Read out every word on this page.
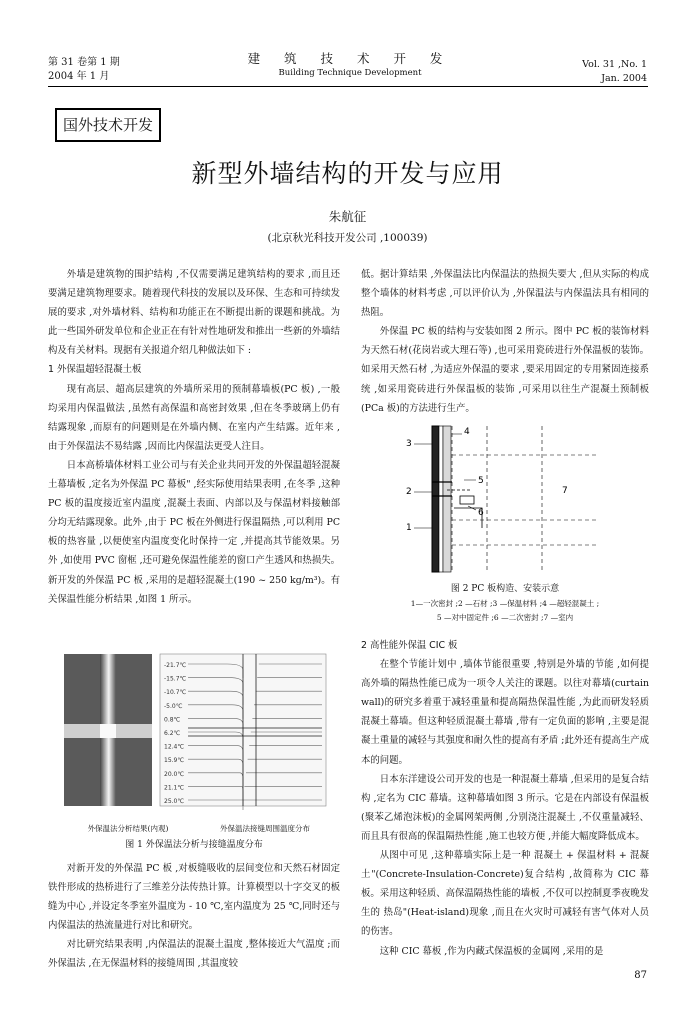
第 31 卷第 1 期
2004 年 1 月
建 筑 技 术 开 发
Building Technique Development
Vol. 31 ,No. 1
Jan. 2004
国外技术开发
新型外墙结构的开发与应用
朱航征
(北京秋光科技开发公司 ,100039)

外墙是建筑物的围护结构 ,不仅需要满足建筑结构的要求 ,而且还要满足建筑物理要求。随着现代科技的发展以及环保、生态和可持续发展的要求 ,对外墙材料、结构和功能正在不断提出新的课题和挑战。为此一些国外研发单位和企业正在有针对性地研发和推出一些新的外墙结构及有关材料。现据有关报道介绍几种做法如下 :

1 外保温超轻混凝土板

现有高层、超高层建筑的外墙所采用的预制幕墙板(PC 板) ,一般均采用内保温做法 ,虽然有高保温和高密封效果 ,但在冬季玻璃上仍有结露现象 ,而原有的问题则是在外墙内侧、在室内产生结露。近年来 ,由于外保温法不易结露 ,因而比内保温法更受人注目。

日本高桥墙体材料工业公司与有关企业共同开发的外保温超轻混凝土幕墙板 ,定名为外保温 PC 幕板" ,经实际使用结果表明 ,在冬季 ,这种 PC 板的温度接近室内温度 ,混凝土表面、内部以及与保温材料接触部分均无结露现象。此外 ,由于 PC 板在外侧进行保温隔热 ,可以利用 PC 板的热容量 ,以便使室内温度变化时保持一定 ,并提高其节能效果。另外 ,如使用 PVC 窗框 ,还可避免保温性能差的窗口产生透风和热损失。新开发的外保温 PC 板 ,采用的是超轻混凝土(190 ~ 250 kg/m³)。有关保温性能分析结果 ,如图 1 所示。

-21.7℃
-15.7℃
-10.7℃
-5.0℃
0.8℃
6.2℃
12.4℃
15.9℃
20.0℃
21.1℃
25.0℃
外保温法分析结果(内观)	外保温法接缝周围温度分布
图 1 外保温法分析与接缝温度分布

对新开发的外保温 PC 板 ,对板缝吸收的层间变位和天然石材固定铁件形成的热桥进行了三维差分法传热计算。计算模型以十字交叉的板缝为中心 ,并设定冬季室外温度为 - 10 ℃,室内温度为 25 ℃,同时还与内保温法的热流量进行对比和研究。

对比研究结果表明 ,内保温法的混凝土温度 ,整体接近大气温度 ;而外保温法 ,在无保温材料的接缝周围 ,其温度较

低。据计算结果 ,外保温法比内保温法的热损失要大 ,但从实际的构成整个墙体的材料考虑 ,可以评价认为 ,外保温法与内保温法具有相同的热阻。

外保温 PC 板的结构与安装如图 2 所示。图中 PC 板的装饰材料为天然石材(花岗岩或大理石等) ,也可采用瓷砖进行外保温板的装饰。如采用天然石材 ,为适应外保温的要求 ,要采用固定的专用紧固连接系统 ,如采用瓷砖进行外保温板的装饰 ,可采用以往生产混凝土预制板(PCa 板)的方法进行生产。

1
2
3
4
5
6
7
图 2 PC 板构造、安装示意
1—一次密封 ;2 —石材 ;3 —保温材料 ;4 —超轻混凝土 ;
5 —对中固定件 ;6 —二次密封 ;7 —室内

2 高性能外保温 CIC 板

在整个节能计划中 ,墙体节能很重要 ,特别是外墙的节能 ,如何提高外墙的隔热性能已成为一项令人关注的课题。以往对幕墙(curtain wall)的研究多着重于减轻重量和提高隔热保温性能 ,为此而研发轻质混凝土幕墙。但这种轻质混凝土幕墙 ,带有一定负面的影响 ,主要是混凝土重量的减轻与其强度和耐久性的提高有矛盾 ;此外还有提高生产成本的问题。

日本东洋建设公司开发的也是一种混凝土幕墙 ,但采用的是复合结构 ,定名为 CIC 幕墙。这种幕墙如图 3 所示。它是在内部设有保温板(聚苯乙烯泡沫板)的金属网架两侧 ,分别浇注混凝土 ,不仅重量减轻、而且具有很高的保温隔热性能 ,施工也较方便 ,并能大幅度降低成本。

从图中可见 ,这种幕墙实际上是一种 混凝土 + 保温材料 + 混凝土"(Concrete-Insulation-Concrete)复合结构 ,故简称为 CIC 幕板。采用这种轻质、高保温隔热性能的墙板 ,不仅可以控制夏季夜晚发生的 热岛"(Heat-island)现象 ,而且在火灾时可减轻有害气体对人员的伤害。

这种 CIC 幕板 ,作为内藏式保温板的金属网 ,采用的是

87
